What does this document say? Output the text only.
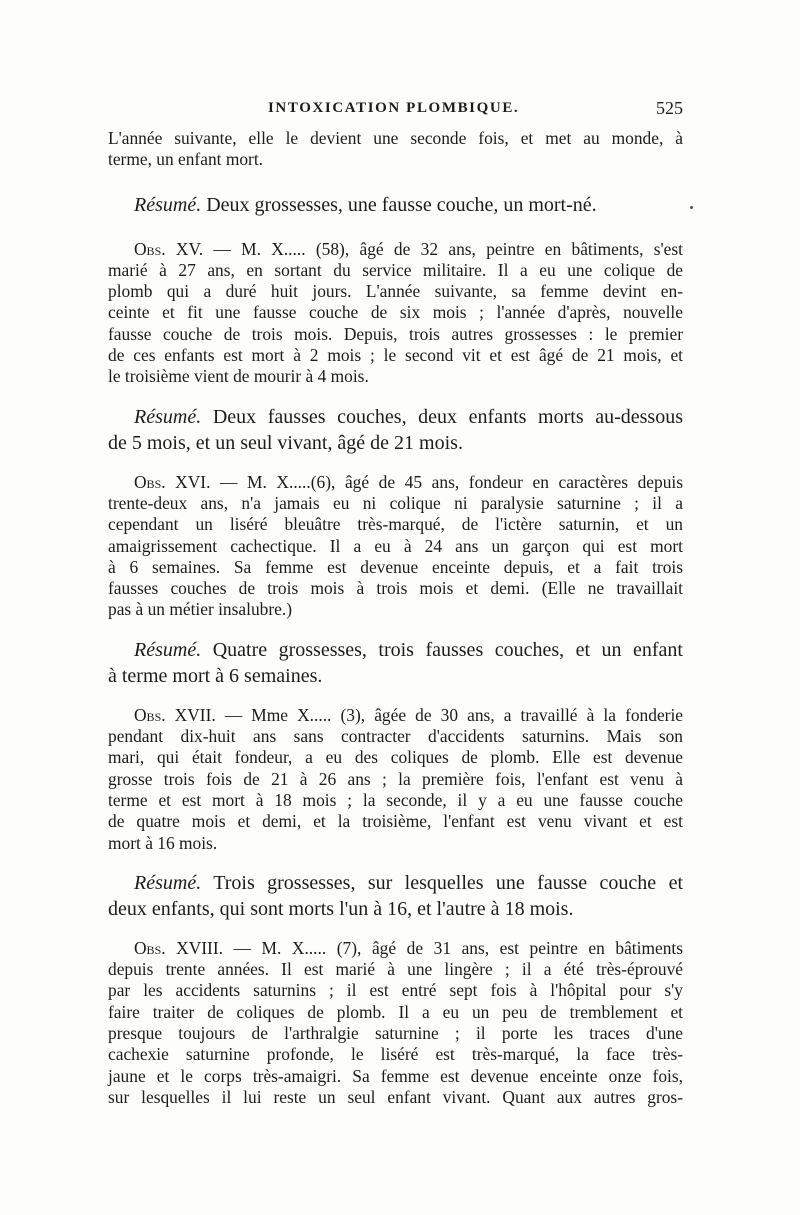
INTOXICATION PLOMBIQUE.	525

L'année suivante, elle le devient une seconde fois, et met au monde, à
terme, un enfant mort.

Résumé. Deux grossesses, une fausse couche, un mort-né.

Obs. XV. — M. X..... (58), âgé de 32 ans, peintre en bâtiments, s'est
marié à 27 ans, en sortant du service militaire. Il a eu une colique de
plomb qui a duré huit jours. L'année suivante, sa femme devint en-
ceinte et fit une fausse couche de six mois ; l'année d'après, nouvelle
fausse couche de trois mois. Depuis, trois autres grossesses : le premier
de ces enfants est mort à 2 mois ; le second vit et est âgé de 21 mois, et
le troisième vient de mourir à 4 mois.

Résumé. Deux fausses couches, deux enfants morts au-dessous
de 5 mois, et un seul vivant, âgé de 21 mois.

Obs. XVI. — M. X.....(6), âgé de 45 ans, fondeur en caractères depuis
trente-deux ans, n'a jamais eu ni colique ni paralysie saturnine ; il a
cependant un liséré bleuâtre très-marqué, de l'ictère saturnin, et un
amaigrissement cachectique. Il a eu à 24 ans un garçon qui est mort
à 6 semaines. Sa femme est devenue enceinte depuis, et a fait trois
fausses couches de trois mois à trois mois et demi. (Elle ne travaillait
pas à un métier insalubre.)

Résumé. Quatre grossesses, trois fausses couches, et un enfant
à terme mort à 6 semaines.

Obs. XVII. — Mme X..... (3), âgée de 30 ans, a travaillé à la fonderie
pendant dix-huit ans sans contracter d'accidents saturnins. Mais son
mari, qui était fondeur, a eu des coliques de plomb. Elle est devenue
grosse trois fois de 21 à 26 ans ; la première fois, l'enfant est venu à
terme et est mort à 18 mois ; la seconde, il y a eu une fausse couche
de quatre mois et demi, et la troisième, l'enfant est venu vivant et est
mort à 16 mois.

Résumé. Trois grossesses, sur lesquelles une fausse couche et
deux enfants, qui sont morts l'un à 16, et l'autre à 18 mois.

Obs. XVIII. — M. X..... (7), âgé de 31 ans, est peintre en bâtiments
depuis trente années. Il est marié à une lingère ; il a été très-éprouvé
par les accidents saturnins ; il est entré sept fois à l'hôpital pour s'y
faire traiter de coliques de plomb. Il a eu un peu de tremblement et
presque toujours de l'arthralgie saturnine ; il porte les traces d'une
cachexie saturnine profonde, le liséré est très-marqué, la face très-
jaune et le corps très-amaigri. Sa femme est devenue enceinte onze fois,
sur lesquelles il lui reste un seul enfant vivant. Quant aux autres gros-
